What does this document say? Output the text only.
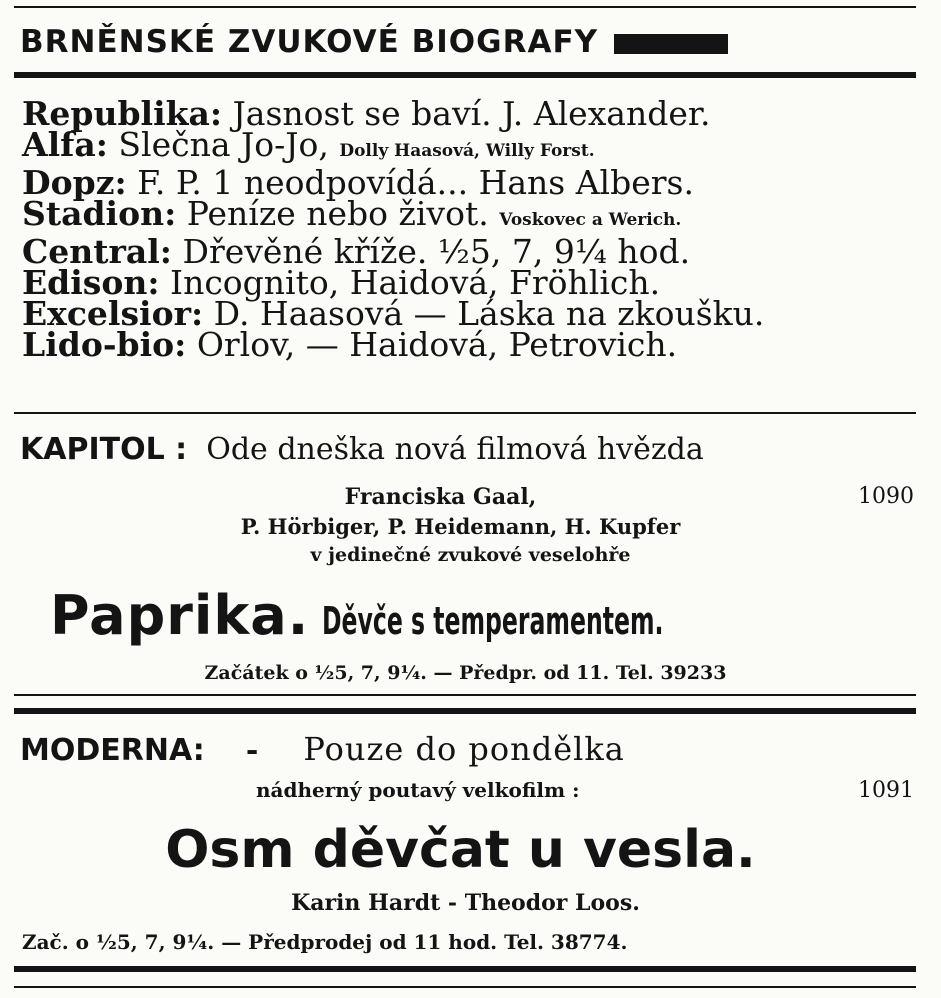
BRNĚNSKÉ ZVUKOVÉ BIOGRAFY
Republika: Jasnost se baví. J. Alexander.
Alfa: Slečna Jo-Jo, Dolly Haasová, Willy Forst.
Dopz: F. P. 1 neodpovídá... Hans Albers.
Stadion: Peníze nebo život. Voskovec a Werich.
Central: Dřevěné kříže. ½5, 7, 9¼ hod.
Edison: Incognito, Haidová, Fröhlich.
Excelsior: D. Haasová — Láska na zkoušku.
Lido-bio: Orlov, — Haidová, Petrovich.
KAPITOL : Ode dneška nová filmová hvězda
Franciska Gaal,	1090
P. Hörbiger, P. Heidemann, H. Kupfer
v jedinečné zvukové veselohře
Paprika. Děvče s temperamentem.
Začátek o ½5, 7, 9¼. — Předpr. od 11. Tel. 39233
MODERNA: - Pouze do pondělka
nádherný poutavý velkofilm :	1091
Osm děvčat u vesla.
Karin Hardt - Theodor Loos.
Zač. o ½5, 7, 9¼. — Předprodej od 11 hod. Tel. 38774.
